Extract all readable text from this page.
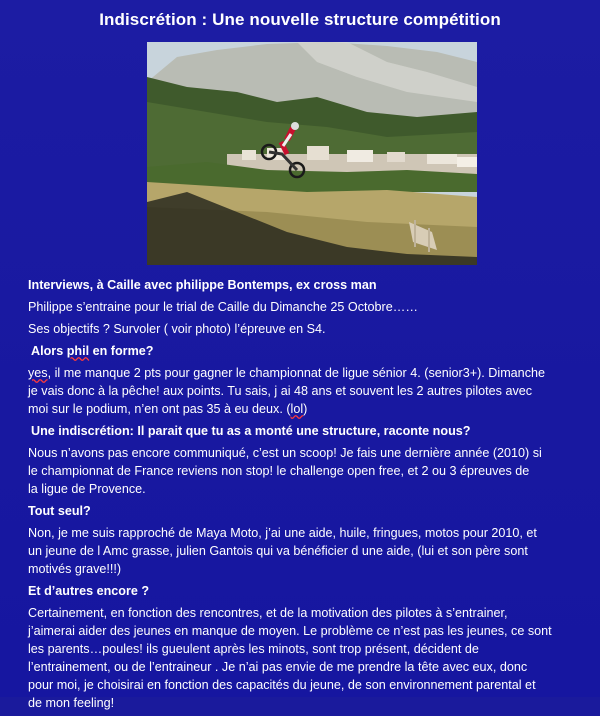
Indiscrétion : Une nouvelle structure compétition

Interviews, à Caille avec philippe Bontemps, ex cross man

Philippe s’entraine pour le trial de Caille du Dimanche 25 Octobre……

Ses objectifs ? Survoler ( voir photo) l’épreuve en S4.

Alors phil en forme?

yes, il me manque 2 pts pour gagner le championnat de ligue sénior 4. (senior3+). Dimanche
je vais donc à la pêche! aux points. Tu sais, j ai 48 ans et souvent les 2 autres pilotes avec
moi sur le podium, n’en ont pas 35 à eu deux. (lol)

Une indiscrétion: Il parait que tu as a monté une structure, raconte nous?

Nous n’avons pas encore communiqué, c’est un scoop! Je fais une dernière année (2010) si
le championnat de France reviens non stop! le challenge open free, et 2 ou 3 épreuves de
la ligue de Provence.

Tout seul?

Non, je me suis rapproché de Maya Moto, j’ai une aide, huile, fringues, motos pour 2010, et
un jeune de l Amc grasse, julien Gantois qui va bénéficier d une aide, (lui et son père sont
motivés grave!!!)

Et d’autres encore ?

Certainement, en fonction des rencontres, et de la motivation des pilotes à s’entrainer,
j’aimerai aider des jeunes en manque de moyen. Le problème ce n’est pas les jeunes, ce sont
les parents…poules! ils gueulent après les minots, sont trop présent, décident de
l’entrainement, ou de l’entraineur . Je n’ai pas envie de me prendre la tête avec eux, donc
pour moi, je choisirai en fonction des capacités du jeune, de son environnement parental et
de mon feeling!
